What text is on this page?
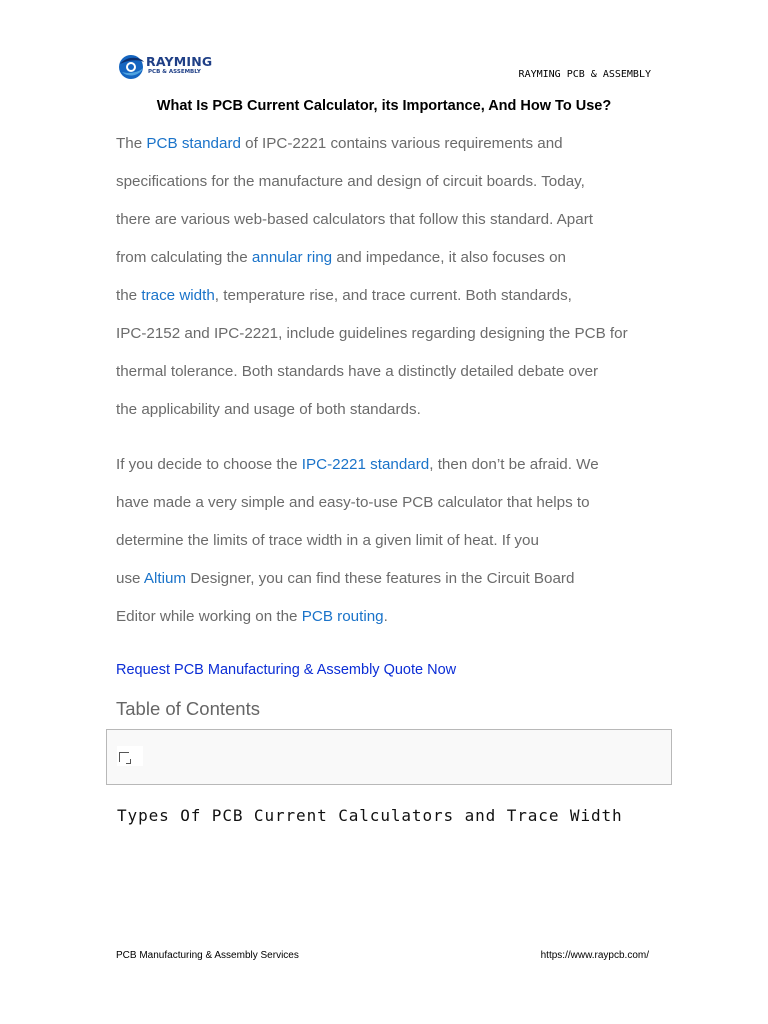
RAYMING
PCB & ASSEMBLY	RAYMING PCB & ASSEMBLY
What Is PCB Current Calculator, its Importance, And How To Use?
The PCB standard of IPC-2221 contains various requirements and
specifications for the manufacture and design of circuit boards. Today,
there are various web-based calculators that follow this standard. Apart
from calculating the annular ring and impedance, it also focuses on
the trace width, temperature rise, and trace current. Both standards,
IPC-2152 and IPC-2221, include guidelines regarding designing the PCB for
thermal tolerance. Both standards have a distinctly detailed debate over
the applicability and usage of both standards.
If you decide to choose the IPC-2221 standard, then don’t be afraid. We
have made a very simple and easy-to-use PCB calculator that helps to
determine the limits of trace width in a given limit of heat. If you
use Altium Designer, you can find these features in the Circuit Board
Editor while working on the PCB routing.
Request PCB Manufacturing & Assembly Quote Now
Table of Contents
Types Of PCB Current Calculators and Trace Width
PCB Manufacturing & Assembly Services	https://www.raypcb.com/
